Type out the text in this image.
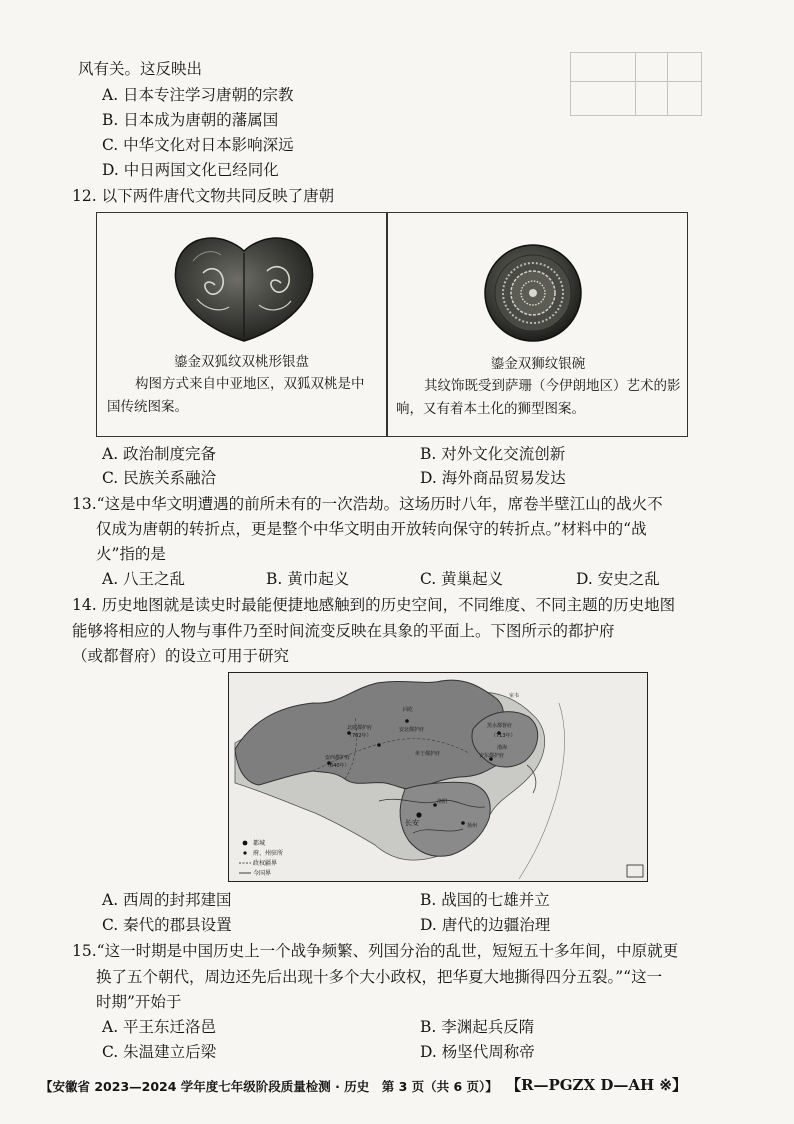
风有关。这反映出
A. 日本专注学习唐朝的宗教
B. 日本成为唐朝的藩属国
C. 中华文化对日本影响深远
D. 中日两国文化已经同化
12. 以下两件唐代文物共同反映了唐朝
鎏金双狐纹双桃形银盘
构图方式来自中亚地区，双狐双桃是中
国传统图案。
鎏金双狮纹银碗
其纹饰既受到萨珊（今伊朗地区）艺术的影
响，又有着本土化的狮型图案。
A. 政治制度完备	B. 对外文化交流创新
C. 民族关系融洽	D. 海外商品贸易发达
13.“这是中华文明遭遇的前所未有的一次浩劫。这场历时八年，席卷半壁江山的战火不
仅成为唐朝的转折点，更是整个中华文明由开放转向保守的转折点。”材料中的“战
火”指的是
A. 八王之乱	B. 黄巾起义	C. 黄巢起义	D. 安史之乱
14. 历史地图就是读史时最能便捷地感触到的历史空间，不同维度、不同主题的历史地图
能够将相应的人物与事件乃至时间流变反映在具象的平面上。下图所示的都护府
（或都督府）的设立可用于研究
回纥
安北都护府
单于都护府
北庭都护府
安西都护府
（702年）
（640年）
黑水都督府
（713年）
安东都护府
渤海
长安	扬州
洛阳
室韦
都城
府、州驻所
政权疆界
今国界
A. 西周的封邦建国	B. 战国的七雄并立
C. 秦代的郡县设置	D. 唐代的边疆治理
15.“这一时期是中国历史上一个战争频繁、列国分治的乱世，短短五十多年间，中原就更
换了五个朝代，周边还先后出现十多个大小政权，把华夏大地撕得四分五裂。”“这一
时期”开始于
A. 平王东迁洛邑	B. 李渊起兵反隋
C. 朱温建立后梁	D. 杨坚代周称帝
【安徽省 2023—2024 学年度七年级阶段质量检测 · 历史　第 3 页（共 6 页）】 【R—PGZX D—AH ※】
